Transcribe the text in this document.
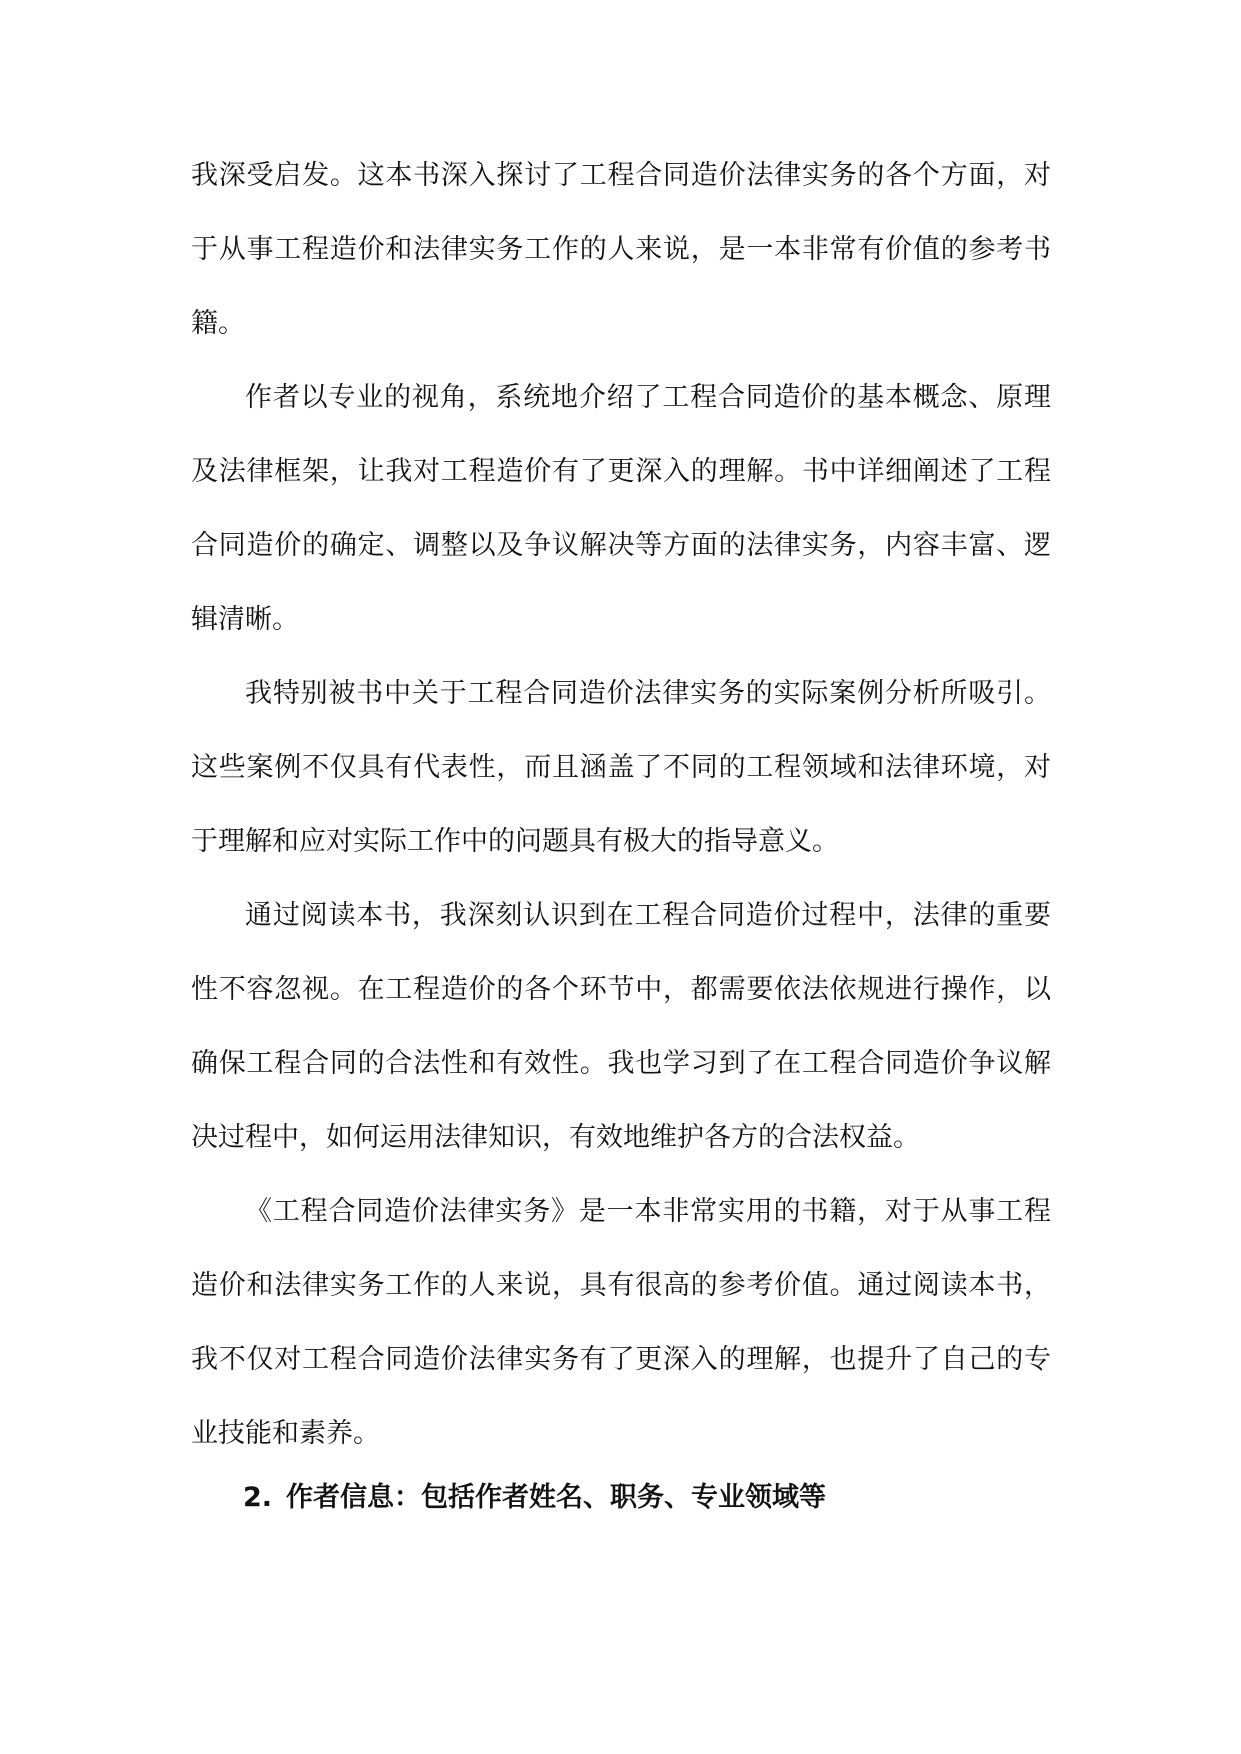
我深受启发。这本书深入探讨了工程合同造价法律实务的各个方面，对于从事工程造价和法律实务工作的人来说，是一本非常有价值的参考书籍。

作者以专业的视角，系统地介绍了工程合同造价的基本概念、原理及法律框架，让我对工程造价有了更深入的理解。书中详细阐述了工程合同造价的确定、调整以及争议解决等方面的法律实务，内容丰富、逻辑清晰。

我特别被书中关于工程合同造价法律实务的实际案例分析所吸引。这些案例不仅具有代表性，而且涵盖了不同的工程领域和法律环境，对于理解和应对实际工作中的问题具有极大的指导意义。

通过阅读本书，我深刻认识到在工程合同造价过程中，法律的重要性不容忽视。在工程造价的各个环节中，都需要依法依规进行操作，以确保工程合同的合法性和有效性。我也学习到了在工程合同造价争议解决过程中，如何运用法律知识，有效地维护各方的合法权益。

《工程合同造价法律实务》是一本非常实用的书籍，对于从事工程造价和法律实务工作的人来说，具有很高的参考价值。通过阅读本书，我不仅对工程合同造价法律实务有了更深入的理解，也提升了自己的专业技能和素养。

2. 作者信息：包括作者姓名、职务、专业领域等
